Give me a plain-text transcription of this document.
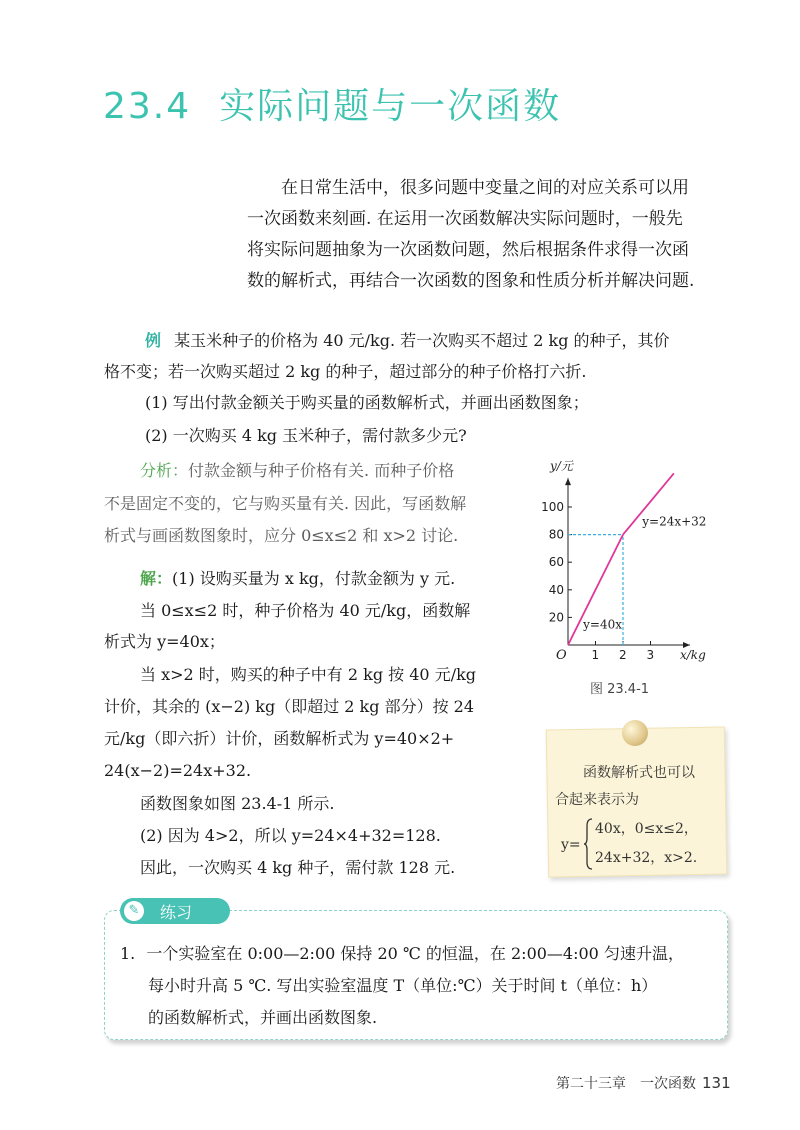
23.4 实际问题与一次函数

在日常生活中，很多问题中变量之间的对应关系可以用

一次函数来刻画. 在运用一次函数解决实际问题时，一般先
将实际问题抽象为一次函数问题，然后根据条件求得一次函
数的解析式，再结合一次函数的图象和性质分析并解决问题.
例 某玉米种子的价格为 40 元/kg. 若一次购买不超过 2 kg 的种子，其价
格不变；若一次购买超过 2 kg 的种子，超过部分的种子价格打六折.
(1) 写出付款金额关于购买量的函数解析式，并画出函数图象；
(2) 一次购买 4 kg 玉米种子，需付款多少元?
分析：付款金额与种子价格有关. 而种子价格
不是固定不变的，它与购买量有关. 因此，写函数解
析式与画函数图象时，应分 0≤x≤2 和 x>2 讨论.
解：(1) 设购买量为 x kg，付款金额为 y 元.
当 0≤x≤2 时，种子价格为 40 元/kg，函数解
析式为 y=40x；
当 x>2 时，购买的种子中有 2 kg 按 40 元/kg
计价，其余的 (x−2) kg（即超过 2 kg 部分）按 24
元/kg（即六折）计价，函数解析式为 y=40×2+
24(x−2)=24x+32.
函数图象如图 23.4-1 所示.
(2) 因为 4>2，所以 y=24×4+32=128.
因此，一次购买 4 kg 种子，需付款 128 元.
x/kg
y/元
O 1 2 3
20
40
60
80
100
y=40x
y=24x+32
图 23.4-1
函数解析式也可以
合起来表示为
y=
40x，0≤x≤2，
24x+32，x>2.
✎ 练习
1. 一个实验室在 0:00—2:00 保持 20 ℃ 的恒温，在 2:00—4:00 匀速升温，
每小时升高 5 ℃. 写出实验室温度 T（单位:℃）关于时间 t（单位：h）
的函数解析式，并画出函数图象.
第二十三章　一次函数 131
